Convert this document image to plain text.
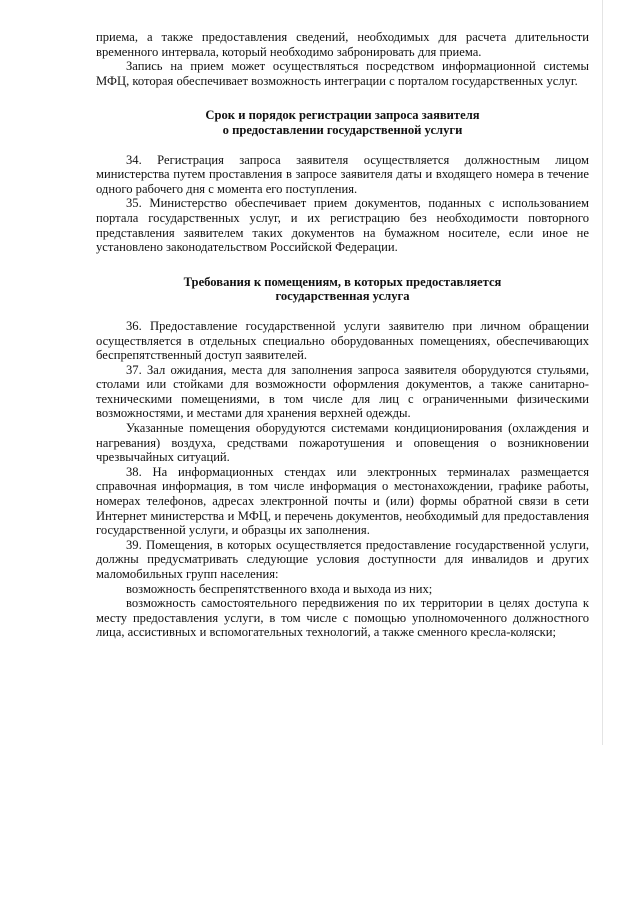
приема, а также предоставления сведений, необходимых для расчета длительности временного интервала, который необходимо забронировать для приема.

Запись на прием может осуществляться посредством информационной системы МФЦ, которая обеспечивает возможность интеграции с порталом государственных услуг.

Срок и порядок регистрации запроса заявителя
о предоставлении государственной услуги

34. Регистрация запроса заявителя осуществляется должностным лицом министерства путем проставления в запросе заявителя даты и входящего номера в течение одного рабочего дня с момента его поступления.

35. Министерство обеспечивает прием документов, поданных с использованием портала государственных услуг, и их регистрацию без необходимости повторного представления заявителем таких документов на бумажном носителе, если иное не установлено законодательством Российской Федерации.

Требования к помещениям, в которых предоставляется
государственная услуга

36. Предоставление государственной услуги заявителю при личном обращении осуществляется в отдельных специально оборудованных помещениях, обеспечивающих беспрепятственный доступ заявителей.

37. Зал ожидания, места для заполнения запроса заявителя оборудуются стульями, столами или стойками для возможности оформления документов, а также санитарно-техническими помещениями, в том числе для лиц с ограниченными физическими возможностями, и местами для хранения верхней одежды.

Указанные помещения оборудуются системами кондиционирования (охлаждения и нагревания) воздуха, средствами пожаротушения и оповещения о возникновении чрезвычайных ситуаций.

38. На информационных стендах или электронных терминалах размещается справочная информация, в том числе информация о местонахождении, графике работы, номерах телефонов, адресах электронной почты и (или) формы обратной связи в сети Интернет министерства и МФЦ, и перечень документов, необходимый для предоставления государственной услуги, и образцы их заполнения.

39. Помещения, в которых осуществляется предоставление государственной услуги, должны предусматривать следующие условия доступности для инвалидов и других маломобильных групп населения:

возможность беспрепятственного входа и выхода из них;

возможность самостоятельного передвижения по их территории в целях доступа к месту предоставления услуги, в том числе с помощью уполномоченного должностного лица, ассистивных и вспомогательных технологий, а также сменного кресла-коляски;
